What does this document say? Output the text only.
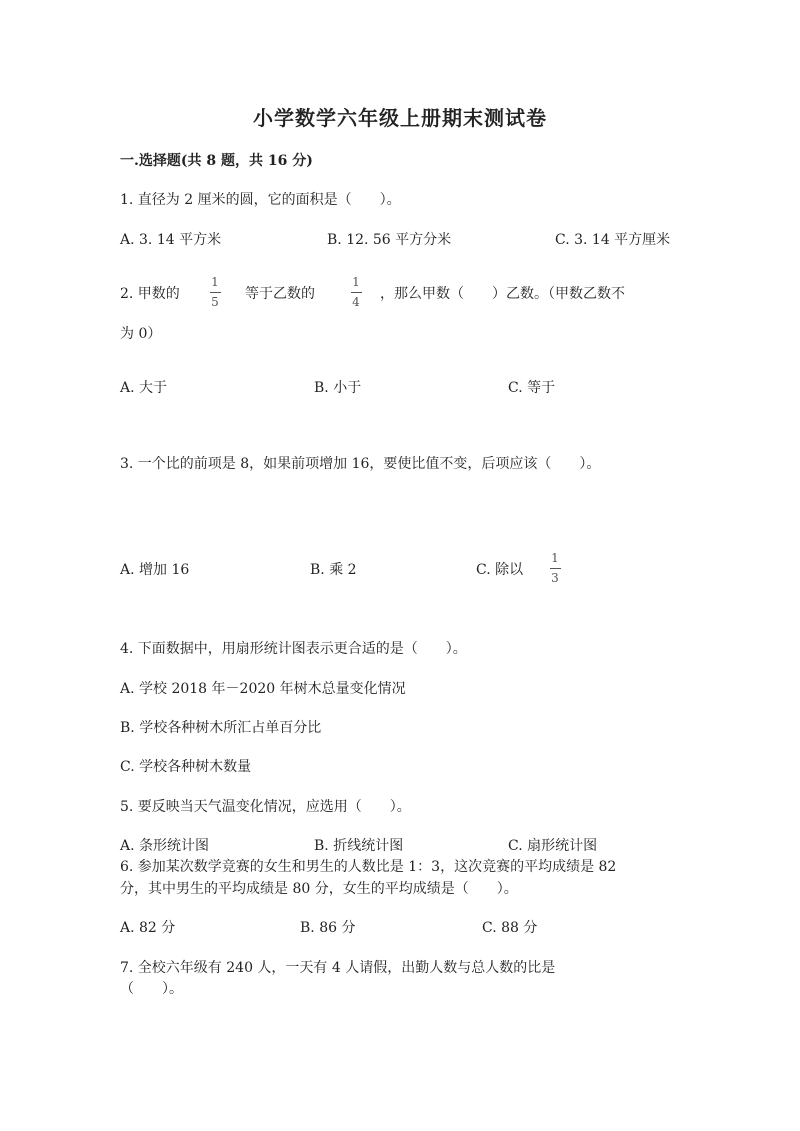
小学数学六年级上册期末测试卷
一.选择题(共 8 题，共 16 分)
1. 直径为 2 厘米的圆，它的面积是（　　）。
A. 3. 14 平方米	B. 12. 56 平方分米	C. 3. 14 平方厘米
2. 甲数的
1
5 等于乙数的
1
4 ，那么甲数（　　）乙数。（甲数乙数不
为 0）
A. 大于	B. 小于	C. 等于
3. 一个比的前项是 8，如果前项增加 16，要使比值不变，后项应该（　　）。
A. 增加 16	B. 乘 2	C. 除以
1
3
4. 下面数据中，用扇形统计图表示更合适的是（　　）。
A. 学校 2018 年－2020 年树木总量变化情况
B. 学校各种树木所汇占单百分比
C. 学校各种树木数量
5. 要反映当天气温变化情况，应选用（　　）。
A. 条形统计图	B. 折线统计图	C. 扇形统计图
6. 参加某次数学竞赛的女生和男生的人数比是 1：3，这次竞赛的平均成绩是 82
分，其中男生的平均成绩是 80 分，女生的平均成绩是（　　）。
A. 82 分	B. 86 分	C. 88 分
7. 全校六年级有 240 人，一天有 4 人请假，出勤人数与总人数的比是
（　　）。
